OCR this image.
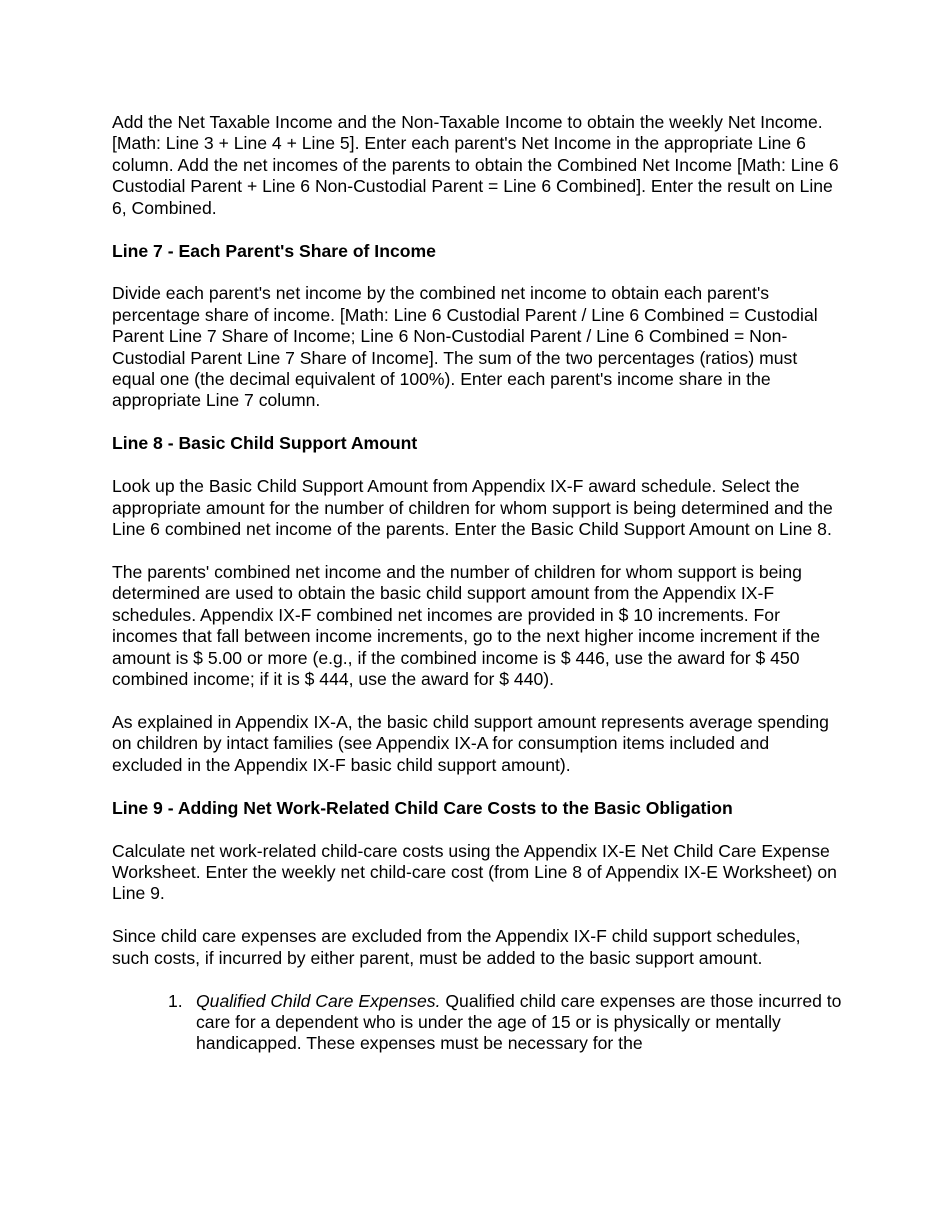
Add the Net Taxable Income and the Non-Taxable Income to obtain the weekly Net Income. [Math: Line 3 + Line 4 + Line 5]. Enter each parent's Net Income in the appropriate Line 6 column. Add the net incomes of the parents to obtain the Combined Net Income [Math: Line 6 Custodial Parent + Line 6 Non-Custodial Parent = Line 6 Combined]. Enter the result on Line 6, Combined.

Line 7 - Each Parent's Share of Income

Divide each parent's net income by the combined net income to obtain each parent's percentage share of income. [Math: Line 6 Custodial Parent / Line 6 Combined = Custodial Parent Line 7 Share of Income; Line 6 Non-Custodial Parent / Line 6 Combined = Non-Custodial Parent Line 7 Share of Income]. The sum of the two percentages (ratios) must equal one (the decimal equivalent of 100%). Enter each parent's income share in the appropriate Line 7 column.

Line 8 - Basic Child Support Amount

Look up the Basic Child Support Amount from Appendix IX-F award schedule. Select the appropriate amount for the number of children for whom support is being determined and the Line 6 combined net income of the parents. Enter the Basic Child Support Amount on Line 8.

The parents' combined net income and the number of children for whom support is being determined are used to obtain the basic child support amount from the Appendix IX-F schedules. Appendix IX-F combined net incomes are provided in $ 10 increments. For incomes that fall between income increments, go to the next higher income increment if the amount is $ 5.00 or more (e.g., if the combined income is $ 446, use the award for $ 450 combined income; if it is $ 444, use the award for $ 440).

As explained in Appendix IX-A, the basic child support amount represents average spending on children by intact families (see Appendix IX-A for consumption items included and excluded in the Appendix IX-F basic child support amount).

Line 9 - Adding Net Work-Related Child Care Costs to the Basic Obligation

Calculate net work-related child-care costs using the Appendix IX-E Net Child Care Expense Worksheet. Enter the weekly net child-care cost (from Line 8 of Appendix IX-E Worksheet) on Line 9.

Since child care expenses are excluded from the Appendix IX-F child support schedules, such costs, if incurred by either parent, must be added to the basic support amount.

1. Qualified Child Care Expenses. Qualified child care expenses are those incurred to care for a dependent who is under the age of 15 or is physically or mentally handicapped. These expenses must be necessary for the
